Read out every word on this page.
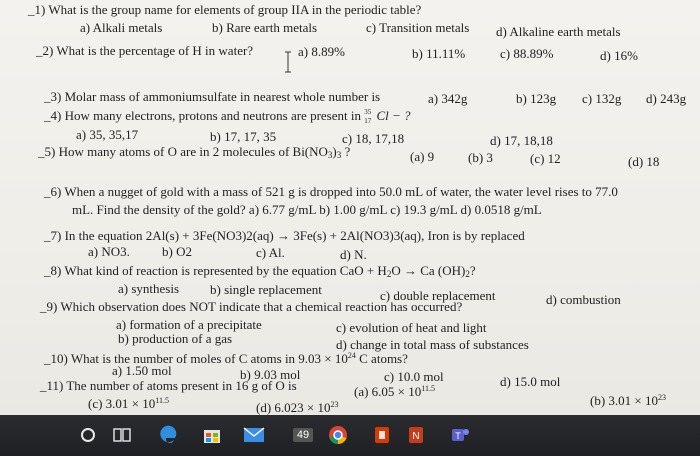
_1) What is the group name for elements of group IIA in the periodic table?
a) Alkali metals	b) Rare earth metals	c) Transition metals d) Alkaline earth metals
_2) What is the percentage of H in water?	a) 8.89%	b) 11.11%	c) 88.89%	d) 16%
_3) Molar mass of ammoniumsulfate in nearest whole number is	a) 342g	b) 123g c) 132g d) 243g
_4) How many electrons, protons and neutrons are present in 35
17 Cl − ?
a) 35, 35,17	b) 17, 17, 35	c) 18, 17,18	d) 17, 18,18
_5) How many atoms of O are in 2 molecules of $Bi(NO_3)_3$ ?	(a) 9	(b) 3	(c) 12	(d) 18
_6) When a nugget of gold with a mass of 521 g is dropped into 50.0 mL of water, the water level rises to 77.0
mL. Find the density of the gold? a) 6.77 g/mL b) 1.00 g/mL c) 19.3 g/mL d) 0.0518 g/mL
_7) In the equation 2Al(s) + 3Fe(NO3)2(aq) → 3Fe(s) + 2Al(NO3)3(aq), Iron is by replaced
a) NO3. b) O2	c) Al.	d) N.
_8) What kind of reaction is represented by the equation CaO + $H_2O \to Ca$ $(OH)_2$?
a) synthesis b) single replacement	c) double replacement	d) combustion
_9) Which observation does NOT indicate that a chemical reaction has occurred?
a) formation of a precipitate	c) evolution of heat and light
b) production of a gas	d) change in total mass of substances
_10) What is the number of moles of C atoms in $9.03 \times 10^{24}$ C atoms?
a) 1.50 mol	b) 9.03 mol	c) 10.0 mol	d) 15.0 mol
_11) The number of atoms present in 16 g of O is	(a) $6.05 \times 10^{11.5}$
(c) $3.01 \times 10^{11.5}$	(d) $6.023 \times 10^{23}$	(b) $3.01 \times 10^{23}$
49	N	T
